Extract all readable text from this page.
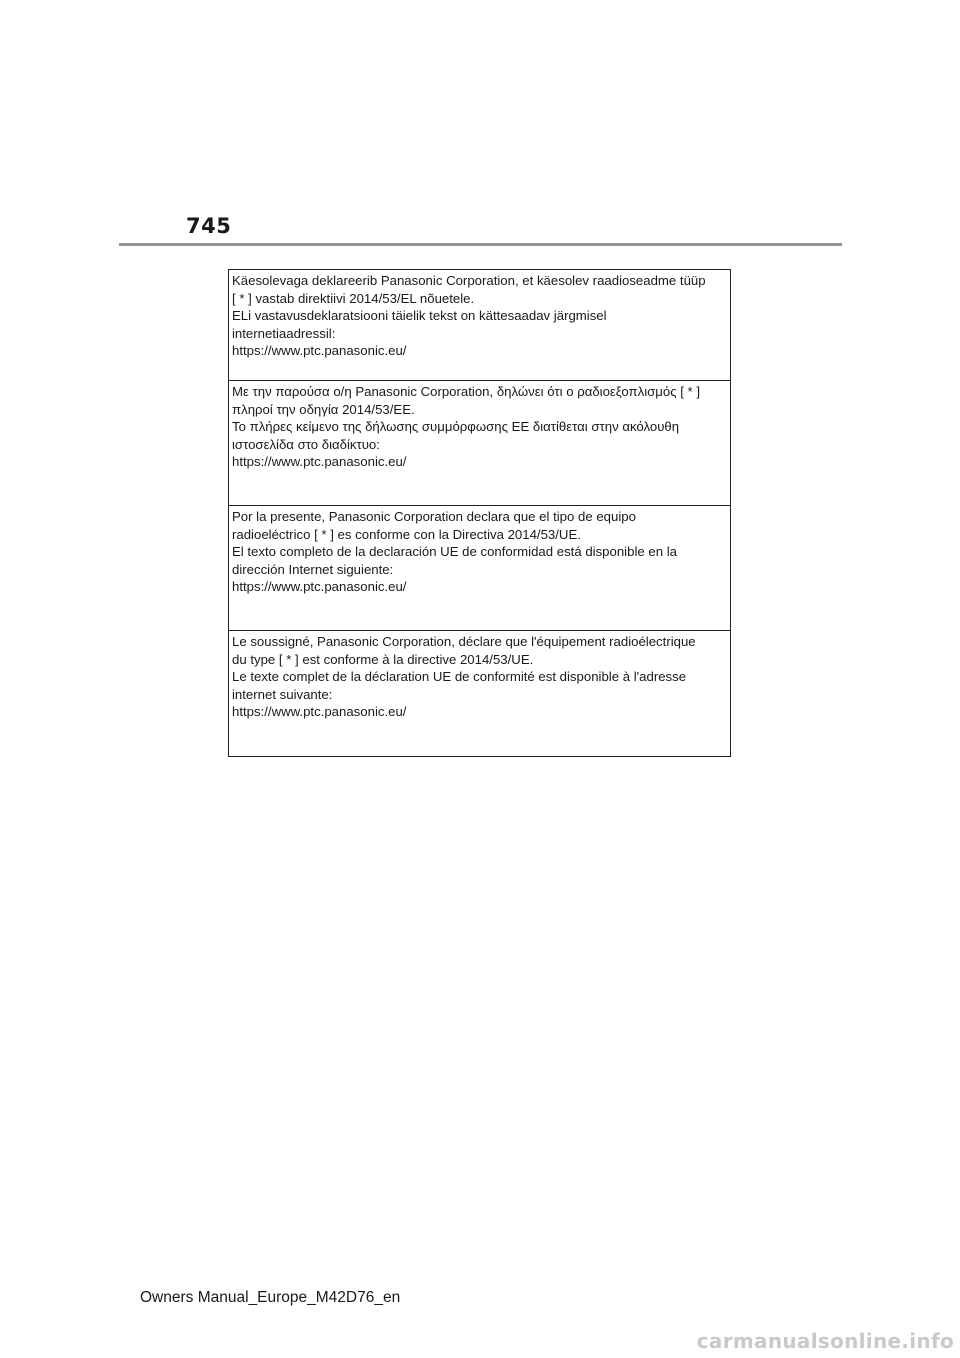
745
Käesolevaga deklareerib Panasonic Corporation, et käesolev raadioseadme tüüp
[ * ] vastab direktiivi 2014/53/EL nõuetele.
ELi vastavusdeklaratsiooni täielik tekst on kättesaadav järgmisel
internetiaadressil:
https://www.ptc.panasonic.eu/
Με την παρούσα ο/η Panasonic Corporation, δηλώνει ότι ο ραδιοεξοπλισμός [ * ]
πληροί την οδηγία 2014/53/ΕΕ.
Το πλήρες κείμενο της δήλωσης συμμόρφωσης ΕΕ διατίθεται στην ακόλουθη
ιστοσελίδα στο διαδίκτυο:
https://www.ptc.panasonic.eu/
Por la presente, Panasonic Corporation declara que el tipo de equipo
radioeléctrico [ * ] es conforme con la Directiva 2014/53/UE.
El texto completo de la declaración UE de conformidad está disponible en la
dirección Internet siguiente:
https://www.ptc.panasonic.eu/
Le soussigné, Panasonic Corporation, déclare que l'équipement radioélectrique
du type [ * ] est conforme à la directive 2014/53/UE.
Le texte complet de la déclaration UE de conformité est disponible à l'adresse
internet suivante:
https://www.ptc.panasonic.eu/
Owners Manual_Europe_M42D76_en
carmanualsonline.info
